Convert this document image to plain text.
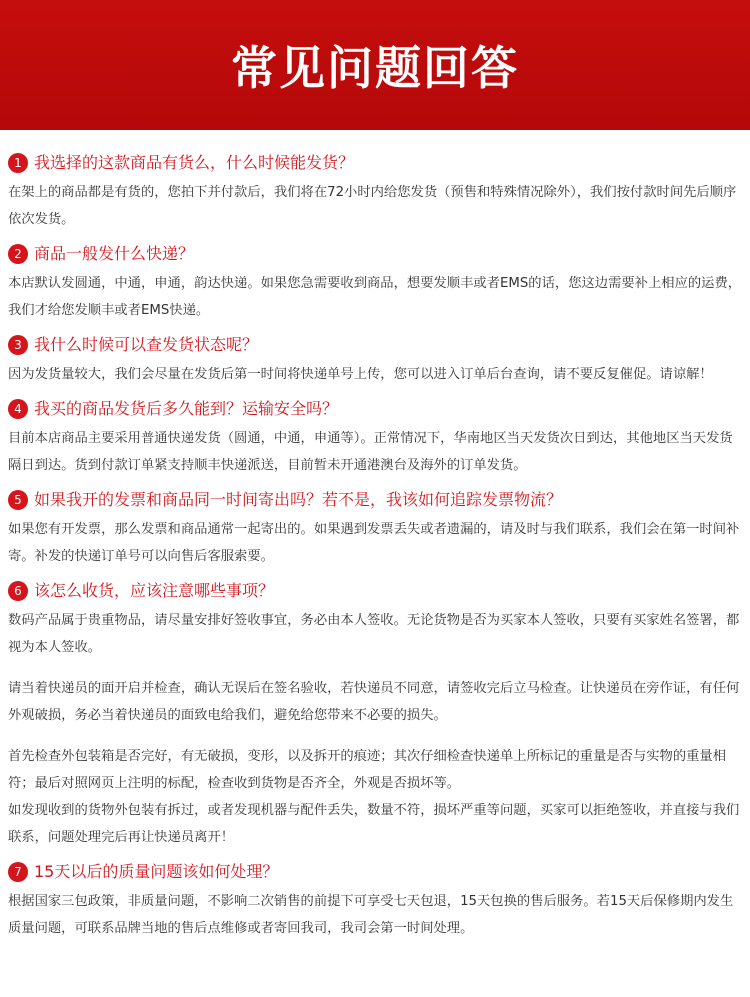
常见问题回答
1 我选择的这款商品有货么，什么时候能发货？

在架上的商品都是有货的，您拍下并付款后，我们将在72小时内给您发货（预售和特殊情况除外），我们按付款时间先后顺序依次发货。

2 商品一般发什么快递？

本店默认发圆通，中通，申通，韵达快递。如果您急需要收到商品，想要发顺丰或者EMS的话，您这边需要补上相应的运费，我们才给您发顺丰或者EMS快递。

3 我什么时候可以查发货状态呢？

因为发货量较大，我们会尽量在发货后第一时间将快递单号上传，您可以进入订单后台查询，请不要反复催促。请谅解！

4 我买的商品发货后多久能到？运输安全吗？

目前本店商品主要采用普通快递发货（圆通，中通，申通等）。正常情况下，华南地区当天发货次日到达，其他地区当天发货隔日到达。货到付款订单紧支持顺丰快递派送，目前暂未开通港澳台及海外的订单发货。

5 如果我开的发票和商品同一时间寄出吗？若不是，我该如何追踪发票物流？

如果您有开发票，那么发票和商品通常一起寄出的。如果遇到发票丢失或者遗漏的，请及时与我们联系，我们会在第一时间补寄。补发的快递订单号可以向售后客服索要。

6 该怎么收货，应该注意哪些事项？

数码产品属于贵重物品，请尽量安排好签收事宜，务必由本人签收。无论货物是否为买家本人签收，只要有买家姓名签署，都视为本人签收。

请当着快递员的面开启并检查，确认无误后在签名验收，若快递员不同意，请签收完后立马检查。让快递员在旁作证，有任何外观破损，务必当着快递员的面致电给我们，避免给您带来不必要的损失。

首先检查外包装箱是否完好，有无破损，变形，以及拆开的痕迹；其次仔细检查快递单上所标记的重量是否与实物的重量相符；最后对照网页上注明的标配，检查收到货物是否齐全，外观是否损坏等。

如发现收到的货物外包装有拆过，或者发现机器与配件丢失，数量不符，损坏严重等问题，买家可以拒绝签收，并直接与我们联系，问题处理完后再让快递员离开！

7 15天以后的质量问题该如何处理？

根据国家三包政策，非质量问题，不影响二次销售的前提下可享受七天包退，15天包换的售后服务。若15天后保修期内发生质量问题，可联系品牌当地的售后点维修或者寄回我司，我司会第一时间处理。
